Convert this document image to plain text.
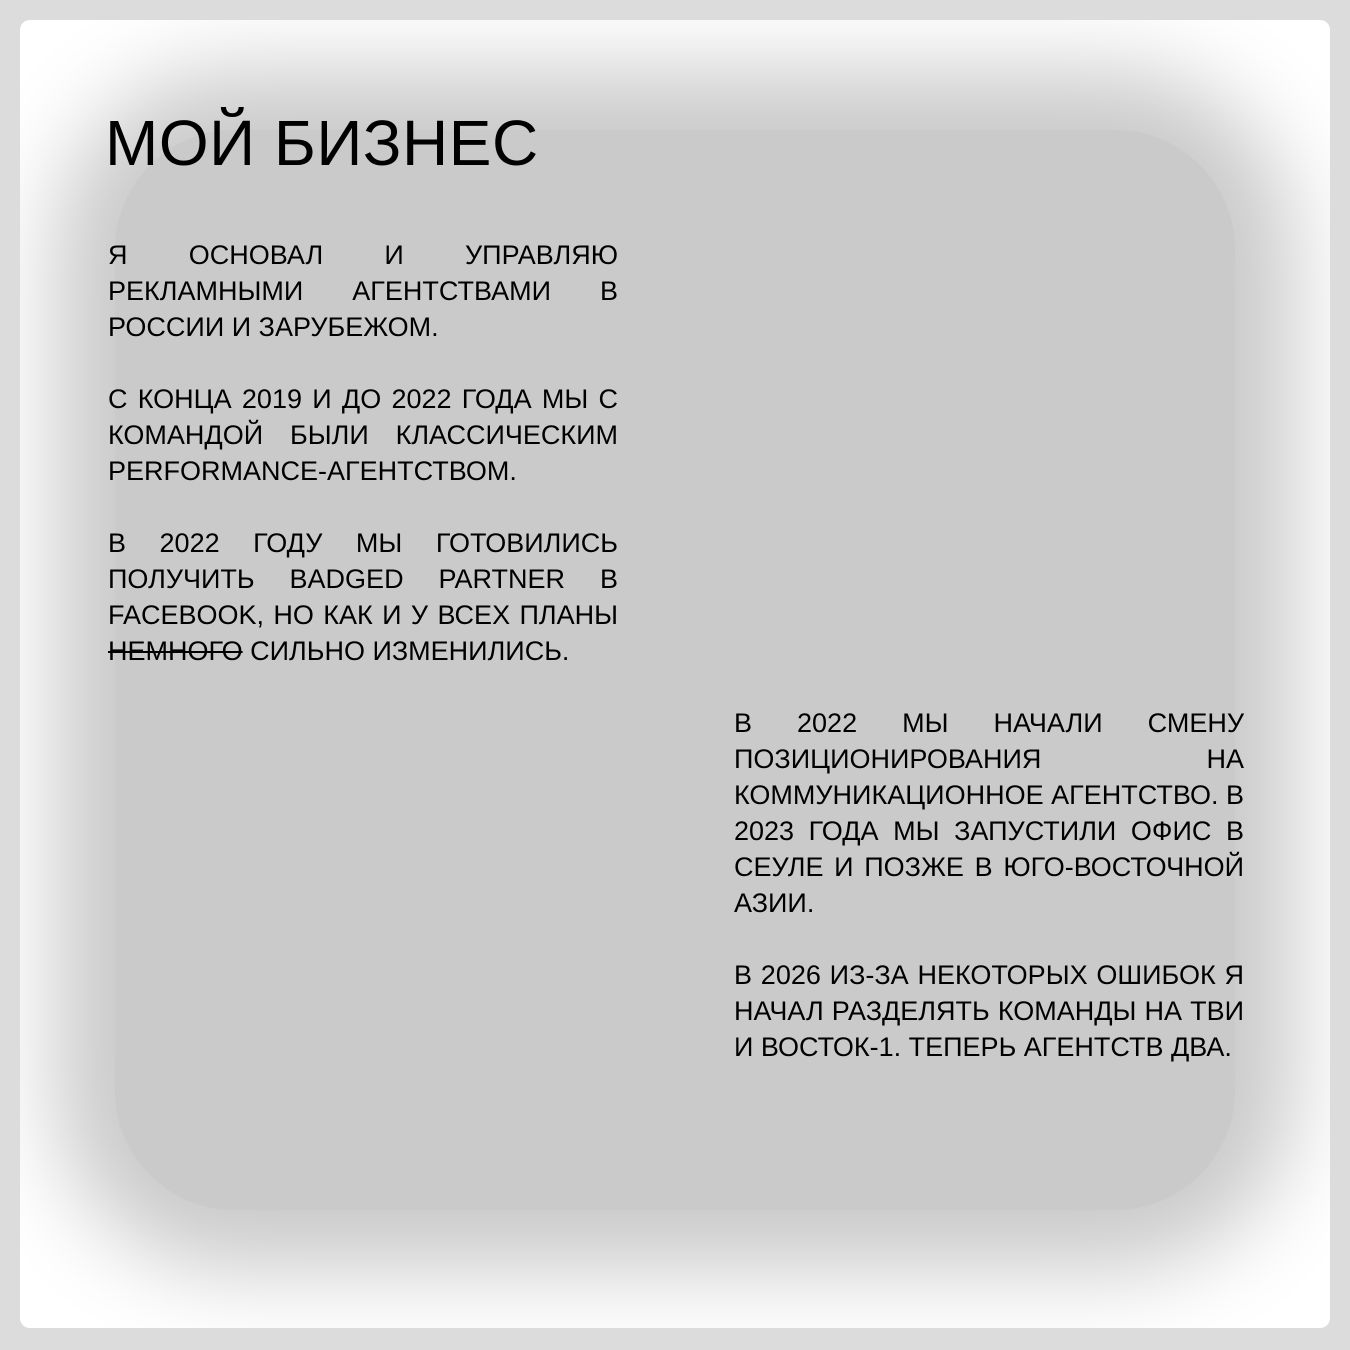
МОЙ БИЗНЕС

Я ОСНОВАЛ И УПРАВЛЯЮ РЕКЛАМНЫМИ АГЕНТСТВАМИ В РОССИИ И ЗАРУБЕЖОМ.

С КОНЦА 2019 И ДО 2022 ГОДА МЫ С КОМАНДОЙ БЫЛИ КЛАССИЧЕСКИМ PERFORMANCE-АГЕНТСТВОМ.

В 2022 ГОДУ МЫ ГОТОВИЛИСЬ ПОЛУЧИТЬ BADGED PARTNER В FACEBOOK, НО КАК И У ВСЕХ ПЛАНЫ НЕМНОГО СИЛЬНО ИЗМЕНИЛИСЬ.

В 2022 МЫ НАЧАЛИ СМЕНУ ПОЗИЦИОНИРОВАНИЯ НА КОММУНИКАЦИОННОЕ АГЕНТСТВО. В 2023 ГОДА МЫ ЗАПУСТИЛИ ОФИС В СЕУЛЕ И ПОЗЖЕ В ЮГО-ВОСТОЧНОЙ АЗИИ.

В 2026 ИЗ-ЗА НЕКОТОРЫХ ОШИБОК Я НАЧАЛ РАЗДЕЛЯТЬ КОМАНДЫ НА ТВИ И ВОСТОК-1. ТЕПЕРЬ АГЕНТСТВ ДВА.
